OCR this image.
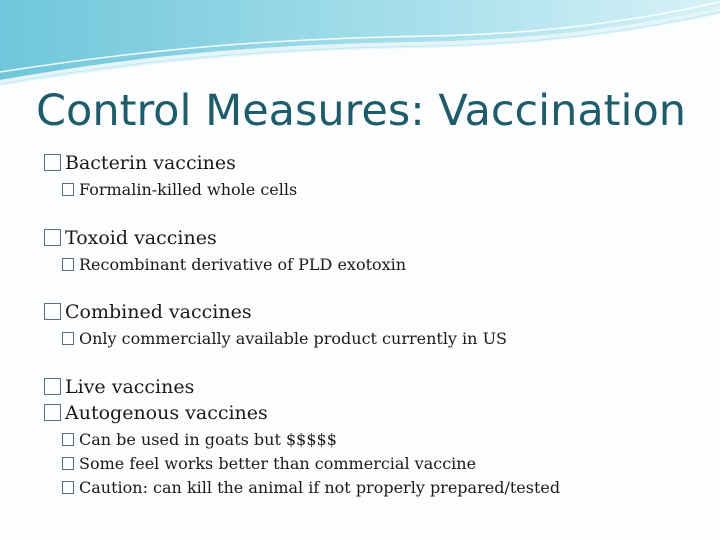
Control Measures: Vaccination
Bacterin vaccines
Formalin-killed whole cells
Toxoid vaccines
Recombinant derivative of PLD exotoxin
Combined vaccines
Only commercially available product currently in US
Live vaccines
Autogenous vaccines
Can be used in goats but $$$$$
Some feel works better than commercial vaccine
Caution: can kill the animal if not properly prepared/tested
